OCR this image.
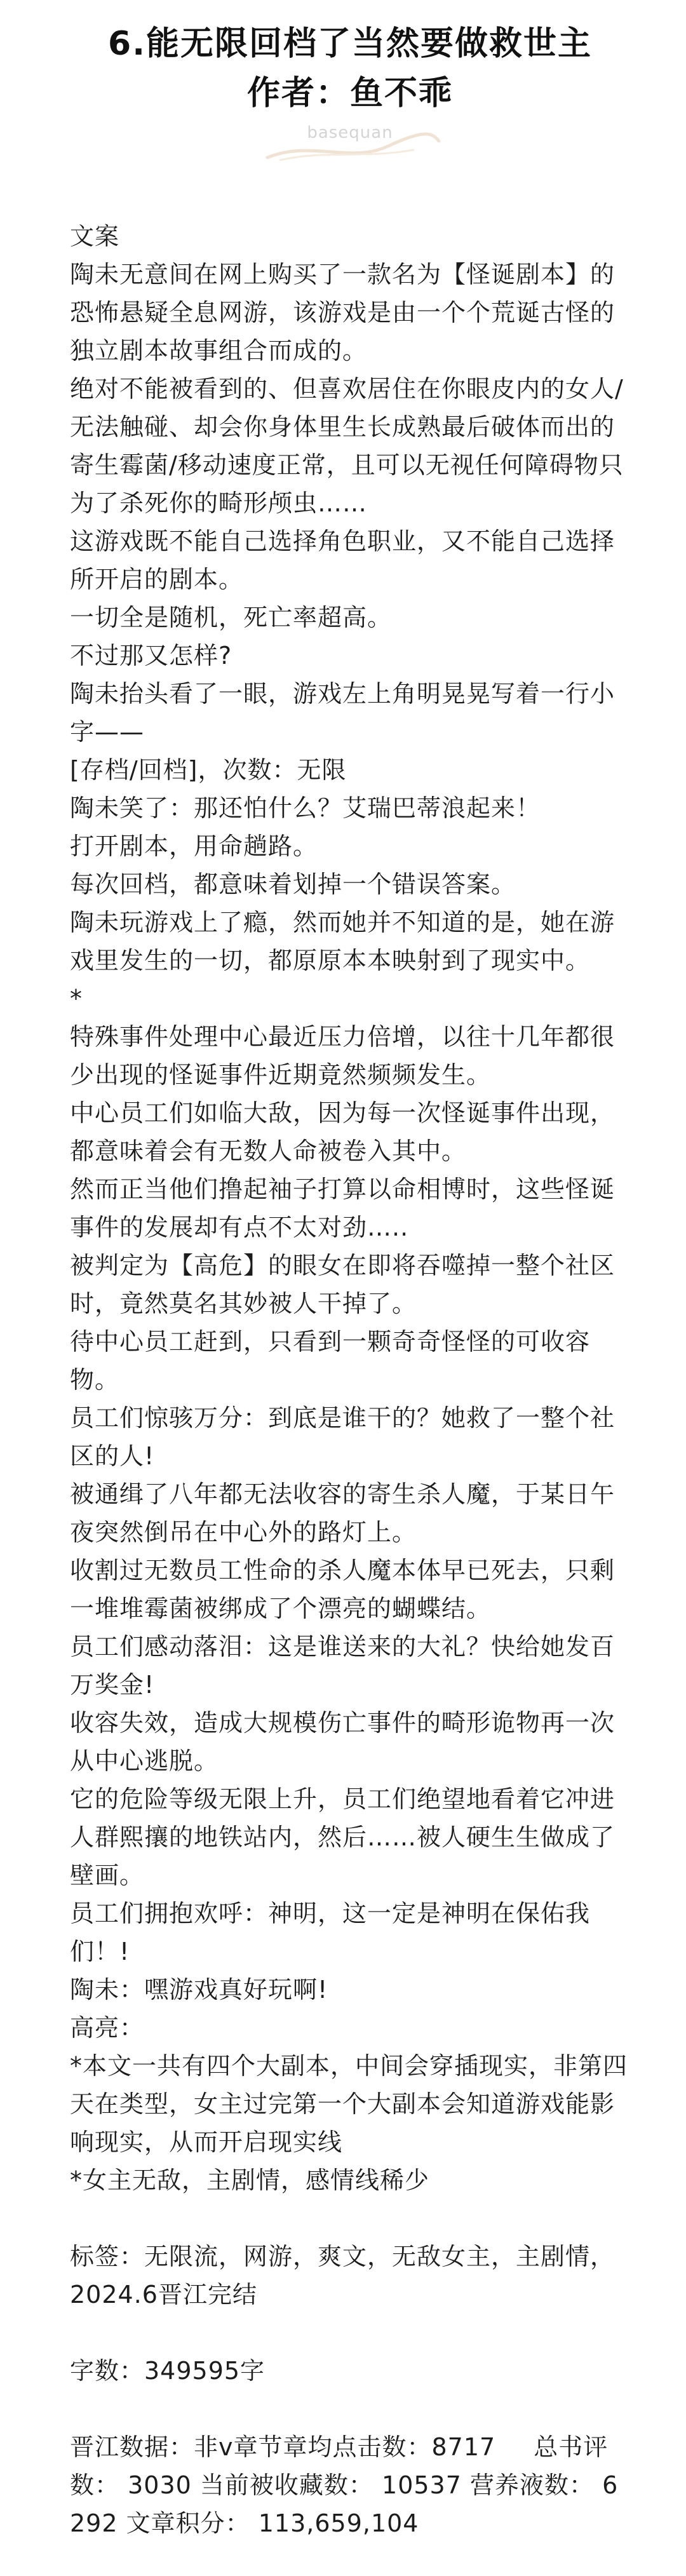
6.能无限回档了当然要做救世主
作者：鱼不乖
basequan

文案

陶未无意间在网上购买了一款名为【怪诞剧本】的恐怖悬疑全息网游，该游戏是由一个个荒诞古怪的独立剧本故事组合而成的。

绝对不能被看到的、但喜欢居住在你眼皮内的女人/无法触碰、却会你身体里生长成熟最后破体而出的寄生霉菌/移动速度正常，且可以无视任何障碍物只为了杀死你的畸形颅虫……

这游戏既不能自己选择角色职业，又不能自己选择所开启的剧本。

一切全是随机，死亡率超高。

不过那又怎样?

陶未抬头看了一眼，游戏左上角明晃晃写着一行小字——

[存档/回档]，次数：无限

陶未笑了：那还怕什么？艾瑞巴蒂浪起来！

打开剧本，用命趟路。

每次回档，都意味着划掉一个错误答案。

陶未玩游戏上了瘾，然而她并不知道的是，她在游戏里发生的一切，都原原本本映射到了现实中。

*

特殊事件处理中心最近压力倍增，以往十几年都很少出现的怪诞事件近期竟然频频发生。

中心员工们如临大敌，因为每一次怪诞事件出现，都意味着会有无数人命被卷入其中。

然而正当他们撸起袖子打算以命相博时，这些怪诞事件的发展却有点不太对劲…..

被判定为【高危】的眼女在即将吞噬掉一整个社区时，竟然莫名其妙被人干掉了。

待中心员工赶到，只看到一颗奇奇怪怪的可收容物。

员工们惊骇万分：到底是谁干的？她救了一整个社区的人!

被通缉了八年都无法收容的寄生杀人魔，于某日午夜突然倒吊在中心外的路灯上。

收割过无数员工性命的杀人魔本体早已死去，只剩一堆堆霉菌被绑成了个漂亮的蝴蝶结。

员工们感动落泪：这是谁送来的大礼？快给她发百万奖金!

收容失效，造成大规模伤亡事件的畸形诡物再一次从中心逃脱。

它的危险等级无限上升，员工们绝望地看着它冲进人群熙攘的地铁站内，然后……被人硬生生做成了壁画。

员工们拥抱欢呼：神明，这一定是神明在保佑我们！!

陶未：嘿游戏真好玩啊!

高亮：

*本文一共有四个大副本，中间会穿插现实，非第四天在类型，女主过完第一个大副本会知道游戏能影响现实，从而开启现实线

*女主无敌，主剧情，感情线稀少

标签：无限流，网游，爽文，无敌女主，主剧情，2024.6晋江完结

字数：349595字

晋江数据：非v章节章均点击数：8717 总书评数： 3030 当前被收藏数： 10537 营养液数： 6292 文章积分： 113,659,104
